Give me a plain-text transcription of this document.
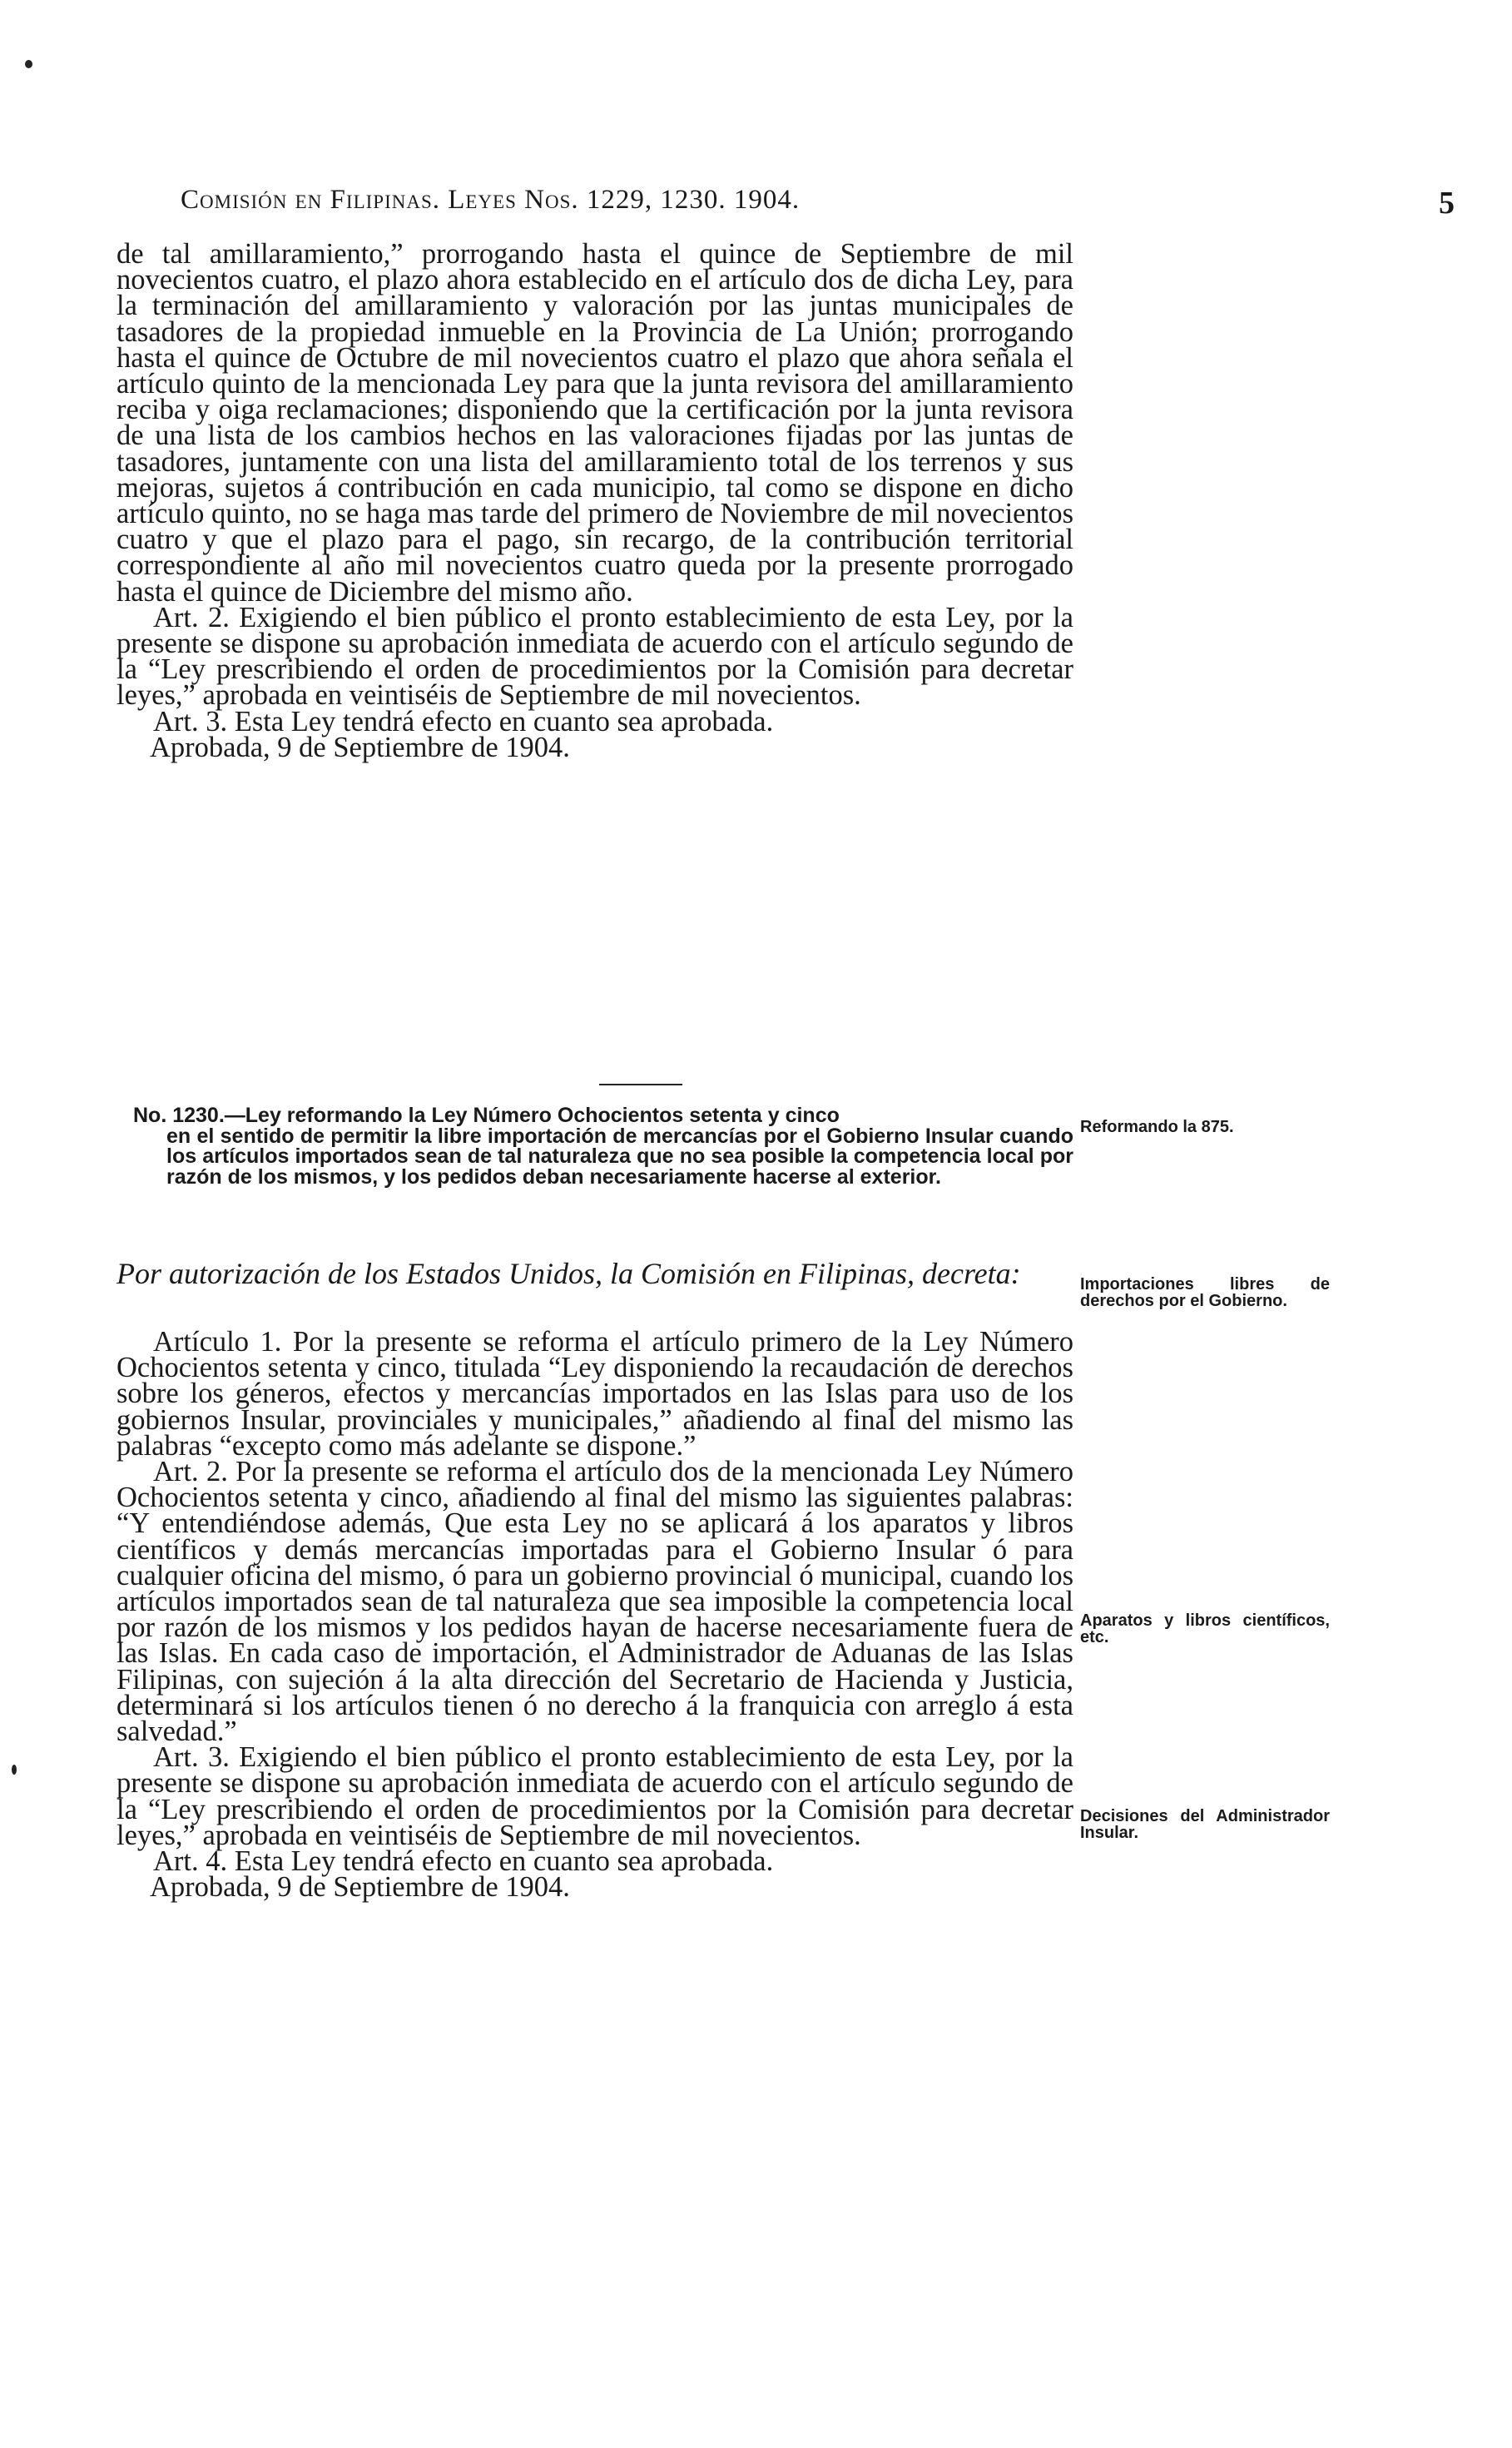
Comisión en Filipinas. Leyes Nos. 1229, 1230. 1904.	5

de tal amillaramiento,” prorrogando hasta el quince de Septiembre de mil novecientos cuatro, el plazo ahora establecido en el artículo dos de dicha Ley, para la terminación del amillaramiento y valoración por las juntas municipales de tasadores de la propiedad inmueble en la Provincia de La Unión; prorrogando hasta el quince de Octubre de mil novecientos cuatro el plazo que ahora señala el artículo quinto de la mencionada Ley para que la junta revisora del amillaramiento reciba y oiga reclamaciones; disponiendo que la certificación por la junta revisora de una lista de los cambios hechos en las valoraciones fijadas por las juntas de tasadores, juntamente con una lista del amillaramiento total de los terrenos y sus mejoras, sujetos á contribución en cada municipio, tal como se dispone en dicho artículo quinto, no se haga mas tarde del primero de Noviembre de mil novecientos cuatro y que el plazo para el pago, sin recargo, de la contribución territorial correspondiente al año mil novecientos cuatro queda por la presente prorrogado hasta el quince de Diciembre del mismo año.

Art. 2. Exigiendo el bien público el pronto establecimiento de esta Ley, por la presente se dispone su aprobación inmediata de acuerdo con el artículo segundo de la “Ley prescribiendo el orden de procedimientos por la Comisión para decretar leyes,” aprobada en veintiséis de Septiembre de mil novecientos.

Art. 3. Esta Ley tendrá efecto en cuanto sea aprobada.

Aprobada, 9 de Septiembre de 1904.

No. 1230.—Ley reformando la Ley Número Ochocientos setenta y cinco
en el sentido de permitir la libre importación de mercancías por el Gobierno Insular cuando los artículos importados sean de tal naturaleza que no sea posible la competencia local por razón de los mismos, y los pedidos deban necesariamente hacerse al exterior.
Por autorización de los Estados Unidos, la Comisión en Filipinas, decreta:

Artículo 1. Por la presente se reforma el artículo primero de la Ley Número Ochocientos setenta y cinco, titulada “Ley disponiendo la recaudación de derechos sobre los géneros, efectos y mercancías importados en las Islas para uso de los gobiernos Insular, provinciales y municipales,” añadiendo al final del mismo las palabras “excepto como más adelante se dispone.”

Art. 2. Por la presente se reforma el artículo dos de la mencionada Ley Número Ochocientos setenta y cinco, añadiendo al final del mismo las siguientes palabras: “Y entendiéndose además, Que esta Ley no se aplicará á los aparatos y libros científicos y demás mercancías importadas para el Gobierno Insular ó para cualquier oficina del mismo, ó para un gobierno provincial ó municipal, cuando los artículos importados sean de tal naturaleza que sea imposible la competencia local por razón de los mismos y los pedidos hayan de hacerse necesariamente fuera de las Islas. En cada caso de importación, el Administrador de Aduanas de las Islas Filipinas, con sujeción á la alta dirección del Secretario de Hacienda y Justicia, determinará si los artículos tienen ó no derecho á la franquicia con arreglo á esta salvedad.”

Art. 3. Exigiendo el bien público el pronto establecimiento de esta Ley, por la presente se dispone su aprobación inmediata de acuerdo con el artículo segundo de la “Ley prescribiendo el orden de procedimientos por la Comisión para decretar leyes,” aprobada en veintiséis de Septiembre de mil novecientos.

Art. 4. Esta Ley tendrá efecto en cuanto sea aprobada.

Aprobada, 9 de Septiembre de 1904.

Reformando la 875.
Importaciones libres de derechos por el Gobierno.
Aparatos y libros científicos, etc.
Decisiones del Administrador Insular.
